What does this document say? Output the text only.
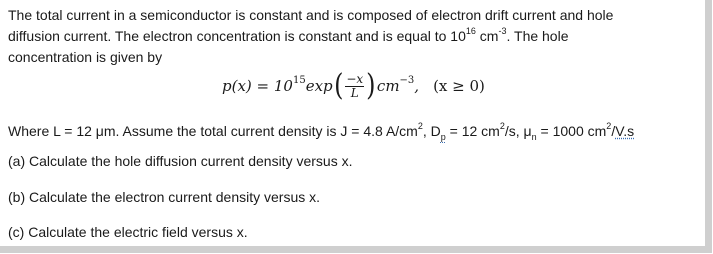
The total current in a semiconductor is constant and is composed of electron drift current and hole
diffusion current. The electron concentration is constant and is equal to $10^{16}$ $cm^{-3}$. The hole
concentration is given by
p(x) = 10 15 exp ( $\frac{-x}{L}$ ) cm −3 , (x ≥ 0)
Where L = 12 μm. Assume the total current density is J = 4.8 $A/cm^2$, $D_p = 12$ $cm^2/s$, $\mu_n = 1000$ $cm^2/V.s$
(a) Calculate the hole diffusion current density versus x.
(b) Calculate the electron current density versus x.
(c) Calculate the electric field versus x.
